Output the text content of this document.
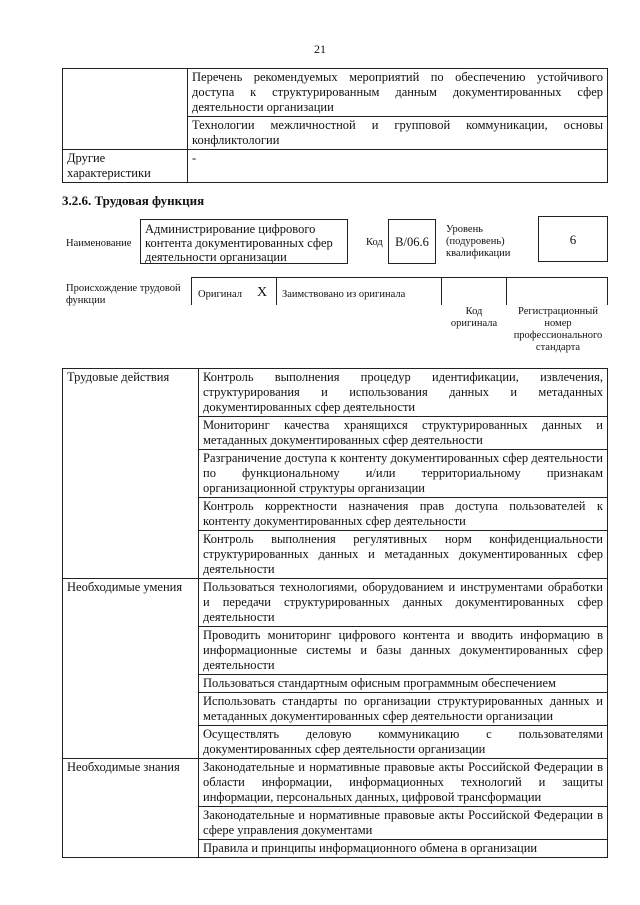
21
	Перечень рекомендуемых мероприятий по обеспечению устойчивого доступа к структурированным данным документированных сфер деятельности организации
	Технологии межличностной и групповой коммуникации, основы конфликтологии
Другие характеристики	-
3.2.6. Трудовая функция
Наименование
Администрирование цифрового контента документированных сфер деятельности организации
Код B/06.6
Уровень (подуровень) квалификации
6
Происхождение трудовой функции
Оригинал X Заимствовано из оригинала
Код оригинала
Регистрационный номер профессионального стандарта
Трудовые действия	Контроль выполнения процедур идентификации, извлечения, структурирования и использования данных и метаданных документированных сфер деятельности
	Мониторинг качества хранящихся структурированных данных и метаданных документированных сфер деятельности
	Разграничение доступа к контенту документированных сфер деятельности по функциональному и/или территориальному признакам организационной структуры организации
	Контроль корректности назначения прав доступа пользователей к контенту документированных сфер деятельности
	Контроль выполнения регулятивных норм конфиденциальности структурированных данных и метаданных документированных сфер деятельности
Необходимые умения	Пользоваться технологиями, оборудованием и инструментами обработки и передачи структурированных данных документированных сфер деятельности
	Проводить мониторинг цифрового контента и вводить информацию в информационные системы и базы данных документированных сфер деятельности
	Пользоваться стандартным офисным программным обеспечением
	Использовать стандарты по организации структурированных данных и метаданных документированных сфер деятельности организации
	Осуществлять деловую коммуникацию с пользователями документированных сфер деятельности организации
Необходимые знания	Законодательные и нормативные правовые акты Российской Федерации в области информации, информационных технологий и защиты информации, персональных данных, цифровой трансформации
	Законодательные и нормативные правовые акты Российской Федерации в сфере управления документами
	Правила и принципы информационного обмена в организации
